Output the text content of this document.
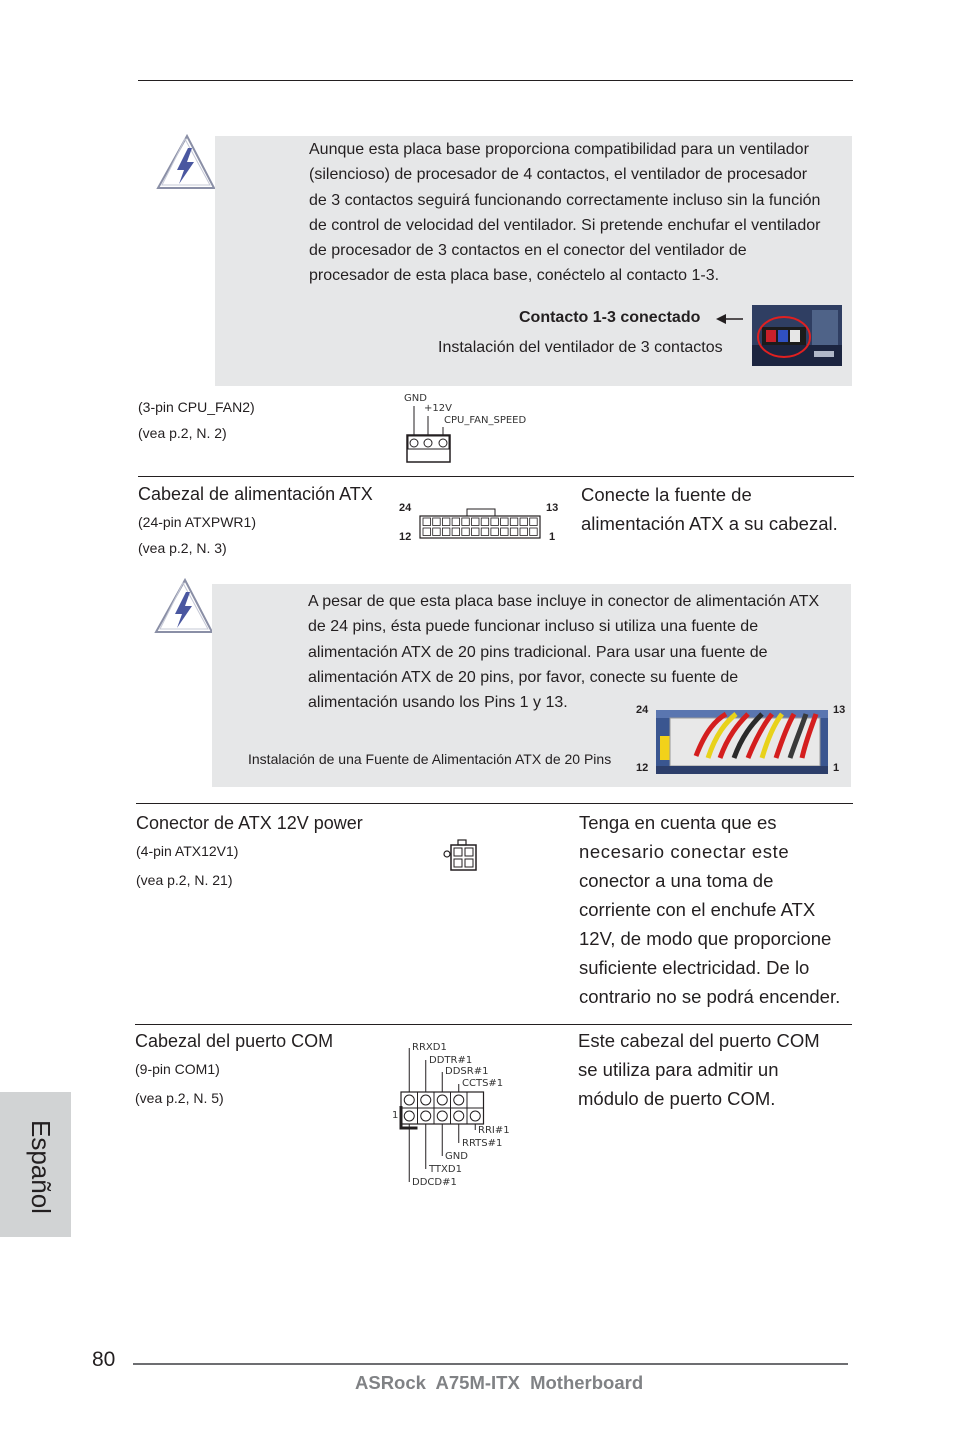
Aunque esta placa base proporciona compatibilidad para un ventilador
(silencioso) de procesador de 4 contactos, el ventilador de procesador
de 3 contactos seguirá funcionando correctamente incluso sin la función
de control de velocidad del ventilador. Si pretende enchufar el ventilador
de procesador de 3 contactos en el conector del ventilador de
procesador de esta placa base, conéctelo al contacto 1-3.
Contacto 1-3 conectado
Instalación del ventilador de 3 contactos
(3-pin CPU_FAN2)
(vea p.2, N. 2)
GND
+12V
CPU_FAN_SPEED
Cabezal de alimentación ATX
(24-pin ATXPWR1)
(vea p.2, N. 3)
24	13
12	1
Conecte la fuente de
alimentación ATX a su cabezal.
A pesar de que esta placa base incluye in conector de alimentación ATX
de 24 pins, ésta puede funcionar incluso si utiliza una fuente de
alimentación ATX de 20 pins tradicional. Para usar una fuente de
alimentación ATX de 20 pins, por favor, conecte su fuente de
alimentación usando los Pins 1 y 13.
Instalación de una Fuente de Alimentación ATX de 20 Pins
24	13
12	1
Conector de ATX 12V power
(4-pin ATX12V1)
(vea p.2, N. 21)
Tenga en cuenta que es
necesario conectar este
conector a una toma de
corriente con el enchufe ATX
12V, de modo que proporcione
suficiente electricidad. De lo
contrario no se podrá encender.
Cabezal del puerto COM
(9-pin COM1)
(vea p.2, N. 5)
RRXD1
DDTR#1
DDSR#1
CCTS#1
RRI#1
RRTS#1
GND
TTXD1
DDCD#1
1
Este cabezal del puerto COM
se utiliza para admitir un
módulo de puerto COM.
Español
80
ASRock  A75M-ITX  Motherboard
